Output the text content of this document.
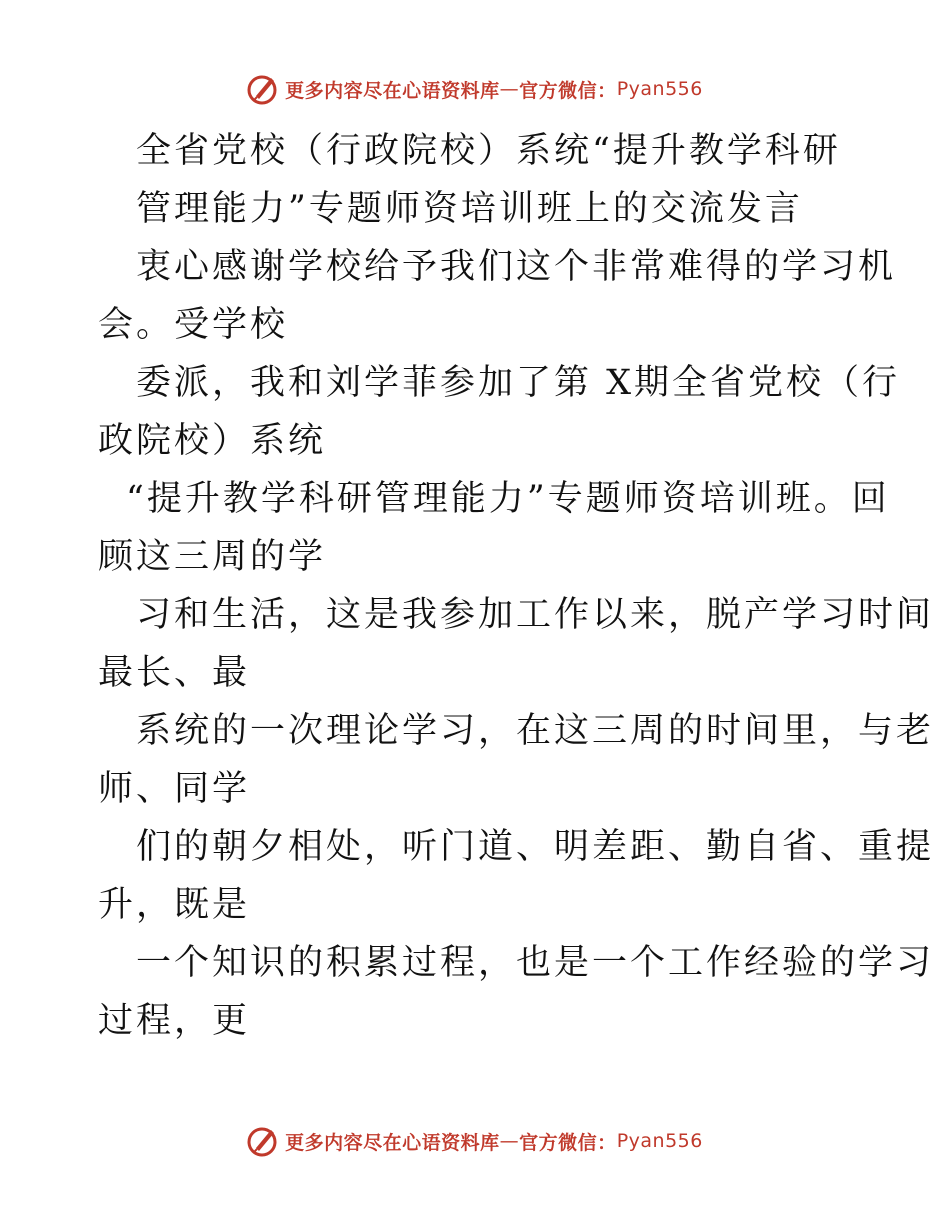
更多内容尽在心语资料库 — 官方微信： Pyan556
全省党校（行政院校）系统“提升教学科研
管理能力”专题师资培训班上的交流发言
衷心感谢学校给予我们这个非常难得的学习机
会。受学校
委派，我和刘学菲参加了第 X期全省党校（行
政院校）系统
“提升教学科研管理能力”专题师资培训班。回
顾这三周的学
习和生活，这是我参加工作以来，脱产学习时间
最长、最
系统的一次理论学习，在这三周的时间里，与老
师、同学
们的朝夕相处，听门道、明差距、勤自省、重提
升，既是
一个知识的积累过程，也是一个工作经验的学习
过程，更
更多内容尽在心语资料库 — 官方微信： Pyan556
